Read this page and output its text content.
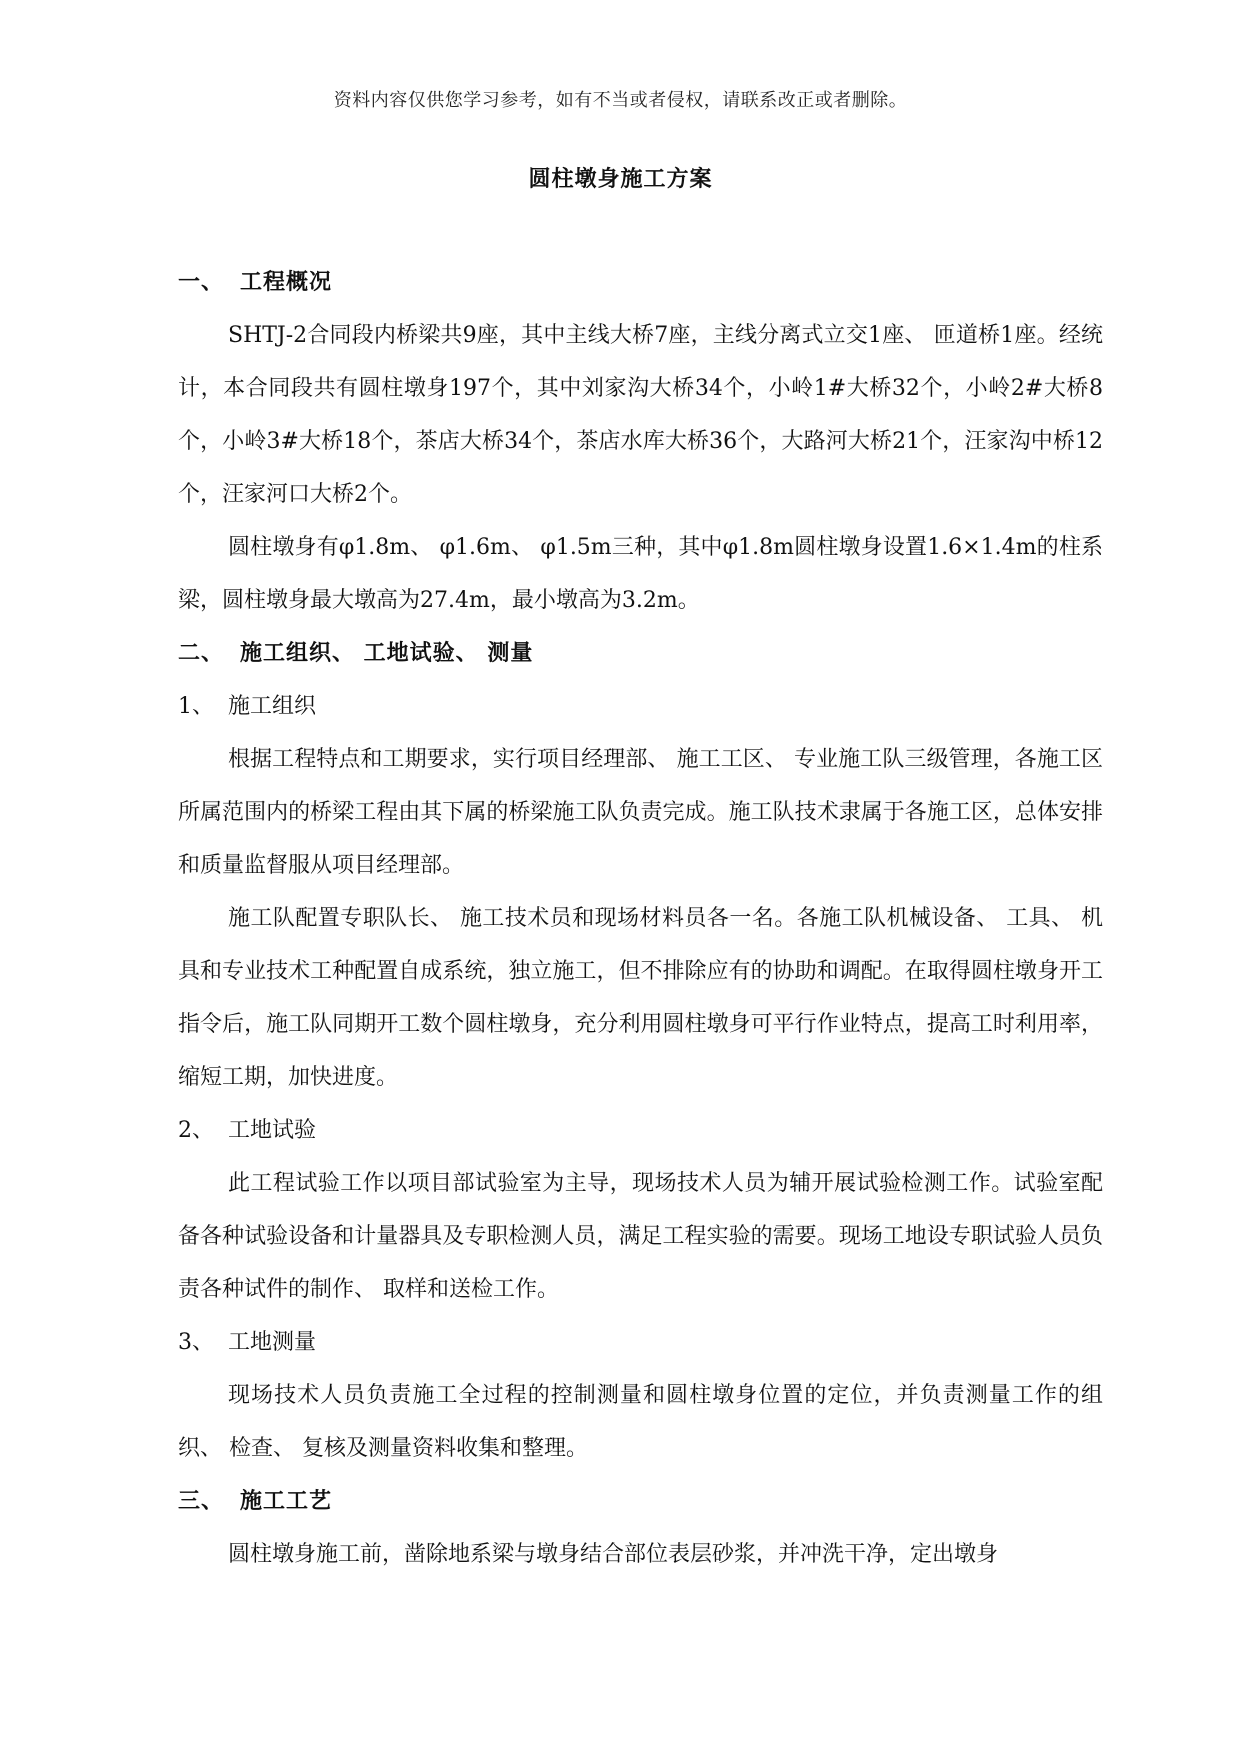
资料内容仅供您学习参考，如有不当或者侵权，请联系改正或者删除。
圆柱墩身施工方案

一、 工程概况

SHTJ-2合同段内桥梁共9座，其中主线大桥7座，主线分离式立交1座、 匝道桥1座。经统计，本合同段共有圆柱墩身197个，其中刘家沟大桥34个，小岭1#大桥32个，小岭2#大桥8个，小岭3#大桥18个，茶店大桥34个，茶店水库大桥36个，大路河大桥21个，汪家沟中桥12个，汪家河口大桥2个。

圆柱墩身有φ1.8m、 φ1.6m、 φ1.5m三种，其中φ1.8m圆柱墩身设置1.6×1.4m的柱系梁，圆柱墩身最大墩高为27.4m，最小墩高为3.2m。

二、 施工组织、 工地试验、 测量

1、 施工组织

根据工程特点和工期要求，实行项目经理部、 施工工区、 专业施工队三级管理，各施工区所属范围内的桥梁工程由其下属的桥梁施工队负责完成。施工队技术隶属于各施工区，总体安排和质量监督服从项目经理部。

施工队配置专职队长、 施工技术员和现场材料员各一名。各施工队机械设备、 工具、 机具和专业技术工种配置自成系统，独立施工，但不排除应有的协助和调配。在取得圆柱墩身开工指令后，施工队同期开工数个圆柱墩身，充分利用圆柱墩身可平行作业特点，提高工时利用率，缩短工期，加快进度。

2、 工地试验

此工程试验工作以项目部试验室为主导，现场技术人员为辅开展试验检测工作。试验室配备各种试验设备和计量器具及专职检测人员，满足工程实验的需要。现场工地设专职试验人员负责各种试件的制作、 取样和送检工作。

3、 工地测量

现场技术人员负责施工全过程的控制测量和圆柱墩身位置的定位，并负责测量工作的组织、 检查、 复核及测量资料收集和整理。

三、 施工工艺

圆柱墩身施工前，凿除地系梁与墩身结合部位表层砂浆，并冲洗干净，定出墩身
